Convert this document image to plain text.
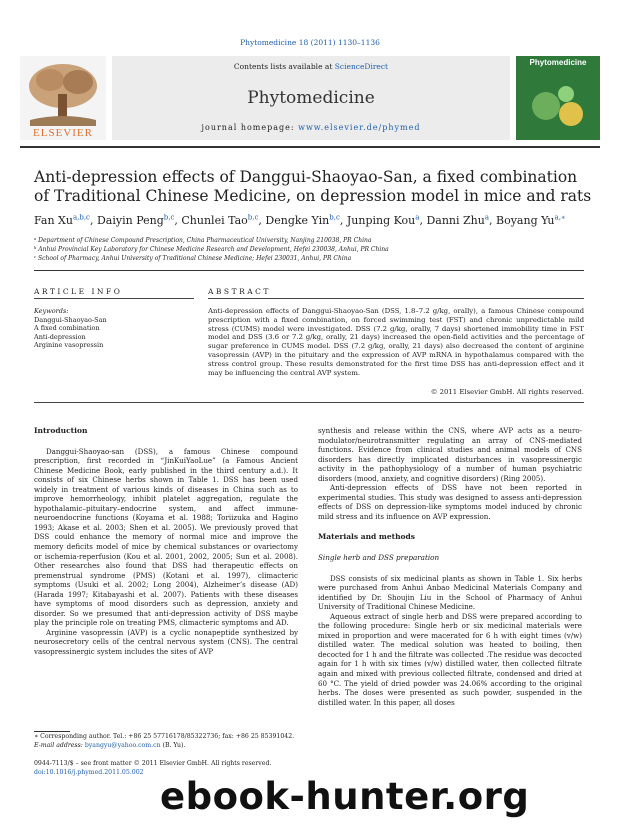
Phytomedicine 18 (2011) 1130–1136
ELSEVIER
Phytomedicine
Contents lists available at ScienceDirect
Phytomedicine
journal homepage: www.elsevier.de/phymed
Anti-depression effects of Danggui-Shaoyao-San, a fixed combination of Traditional Chinese Medicine, on depression model in mice and rats
Fan Xu$^{a,b,c}$, Daiyin Peng$^{b,c}$, Chunlei Tao$^{b,c}$, Dengke Yin$^{b,c}$, Junping Kou$^a$, Danni Zhu$^a$, Boyang $Yu^{a,∗}$
ᵃ Department of Chinese Compound Prescription, China Pharmaceutical University, Nanjing 210038, PR China
ᵇ Anhui Provincial Key Laboratory for Chinese Medicine Research and Development, Hefei 230038, Anhui, PR China
ᶜ School of Pharmacy, Anhui University of Traditional Chinese Medicine; Hefei 230031, Anhui, PR China
ARTICLE INFO	ABSTRACT
Keywords:
Danggui-Shaoyao-San
A fixed combination
Anti-depression
Arginine vasopressin
Anti-depression effects of Danggui-Shaoyao-San (DSS, 1.8–7.2 g/kg, orally), a famous Chinese compound prescription with a fixed combination, on forced swimming test (FST) and chronic unpredictable mild stress (CUMS) model were investigated. DSS (7.2 g/kg, orally, 7 days) shortened immobility time in FST model and DSS (3.6 or 7.2 g/kg, orally, 21 days) increased the open-field activities and the percentage of sugar preference in CUMS model. DSS (7.2 g/kg, orally, 21 days) also decreased the content of arginine vasopressin (AVP) in the pituitary and the expression of AVP mRNA in hypothalamus compared with the stress control group. These results demonstrated for the first time DSS has anti-depression effect and it may be influencing the central AVP system.
© 2011 Elsevier GmbH. All rights reserved.
Introduction

Danggui-Shaoyao-san (DSS), a famous Chinese compound prescription, first recorded in “JinKuiYaoLue” (a Famous Ancient Chinese Medicine Book, early published in the third century a.d.). It consists of six Chinese herbs shown in Table 1. DSS has been used widely in treatment of various kinds of diseases in China such as to improve hemorrheology, inhibit platelet aggregation, regulate the hypothalamic–pituitary–endocrine system, and affect immune-neuroendocrine functions (Koyama et al. 1988; Toriizuka and Hagino 1993; Akase et al. 2003; Shen et al. 2005). We previously proved that DSS could enhance the memory of normal mice and improve the memory deficits model of mice by chemical substances or ovariectomy or ischemia-reperfusion (Kou et al. 2001, 2002, 2005; Sun et al. 2008). Other researches also found that DSS had therapeutic effects on premenstrual syndrome (PMS) (Kotani et al. 1997), climacteric symptoms (Usuki et al. 2002; Long 2004), Alzheimer’s disease (AD) (Harada 1997; Kitabayashi et al. 2007). Patients with these diseases have symptoms of mood disorders such as depression, anxiety and disorder. So we presumed that anti-depression activity of DSS maybe play the principle role on treating PMS, climacteric symptoms and AD.

Arginine vasopressin (AVP) is a cyclic nonapeptide synthesized by neurosecretory cells of the central nervous system (CNS). The central vasopressinergic system includes the sites of AVP

synthesis and release within the CNS, where AVP acts as a neuro-modulator/neurotransmitter regulating an array of CNS-mediated functions. Evidence from clinical studies and animal models of CNS disorders has directly implicated disturbances in vasopressinergic activity in the pathophysiology of a number of human psychiatric disorders (mood, anxiety, and cognitive disorders) (Ring 2005).

Anti-depression effects of DSS have not been reported in experimental studies. This study was designed to assess anti-depression effects of DSS on depression-like symptoms model induced by chronic mild stress and its influence on AVP expression.

Materials and methods
Single herb and DSS preparation

DSS consists of six medicinal plants as shown in Table 1. Six herbs were purchased from Anhui Anbao Medicinal Materials Company and identified by Dr. Shoujin Liu in the School of Pharmacy of Anhui University of Traditional Chinese Medicine.

Aqueous extract of single herb and DSS were prepared according to the following procedure: Single herb or six medicinal materials were mixed in proportion and were macerated for 6 h with eight times (v/w) distilled water. The medical solution was heated to boiling, then decocted for 1 h and the filtrate was collected .The residue was decocted again for 1 h with six times (v/w) distilled water, then collected filtrate again and mixed with previous collected filtrate, condensed and dried at 60 °C. The yield of dried powder was 24.06% according to the original herbs. The doses were presented as such powder, suspended in the distilled water. In this paper, all doses

∗ Corresponding author. Tel.: +86 25 57716178/85322736; fax: +86 25 85391042.
E-mail address: byangyu@yahoo.com.cn (B. Yu).
0944-7113/$ – see front matter © 2011 Elsevier GmbH. All rights reserved.
doi:10.1016/j.phymed.2011.05.002
ebook-hunter.org
